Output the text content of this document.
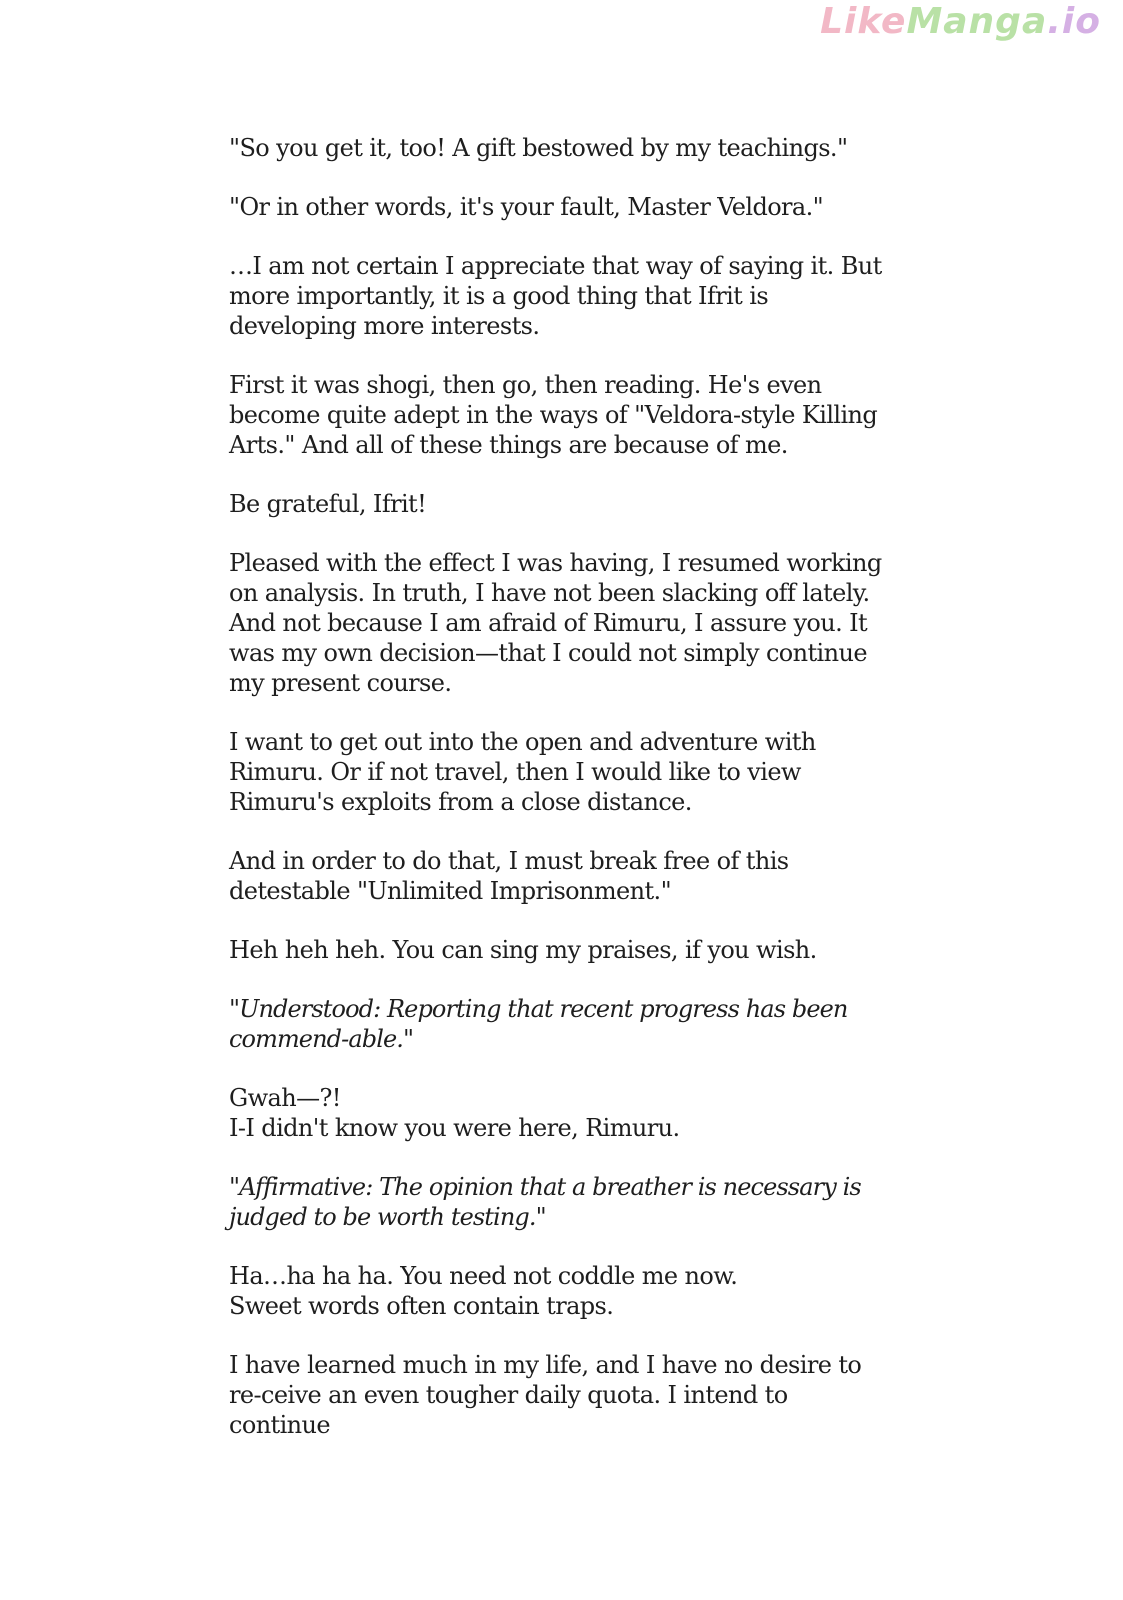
LikeManga.io

"So you get it, too! A gift bestowed by my teachings."

"Or in other words, it's your fault, Master Veldora."

…I am not certain I appreciate that way of saying it. But more importantly, it is a good thing that Ifrit is developing more interests.

First it was shogi, then go, then reading. He's even become quite adept in the ways of "Veldora-style Killing Arts." And all of these things are because of me.

Be grateful, Ifrit!

Pleased with the effect I was having, I resumed working on analysis. In truth, I have not been slacking off lately. And not because I am afraid of Rimuru, I assure you. It was my own decision—that I could not simply continue my present course.

I want to get out into the open and adventure with Rimuru. Or if not travel, then I would like to view Rimuru's exploits from a close distance.

And in order to do that, I must break free of this detestable "Unlimited Imprisonment."

Heh heh heh. You can sing my praises, if you wish.

"Understood: Reporting that recent progress has been commend-able."

Gwah—?!
I-I didn't know you were here, Rimuru.

"Affirmative: The opinion that a breather is necessary is judged to be worth testing."

Ha…ha ha ha. You need not coddle me now.
Sweet words often contain traps.

I have learned much in my life, and I have no desire to re-ceive an even tougher daily quota. I intend to continue
